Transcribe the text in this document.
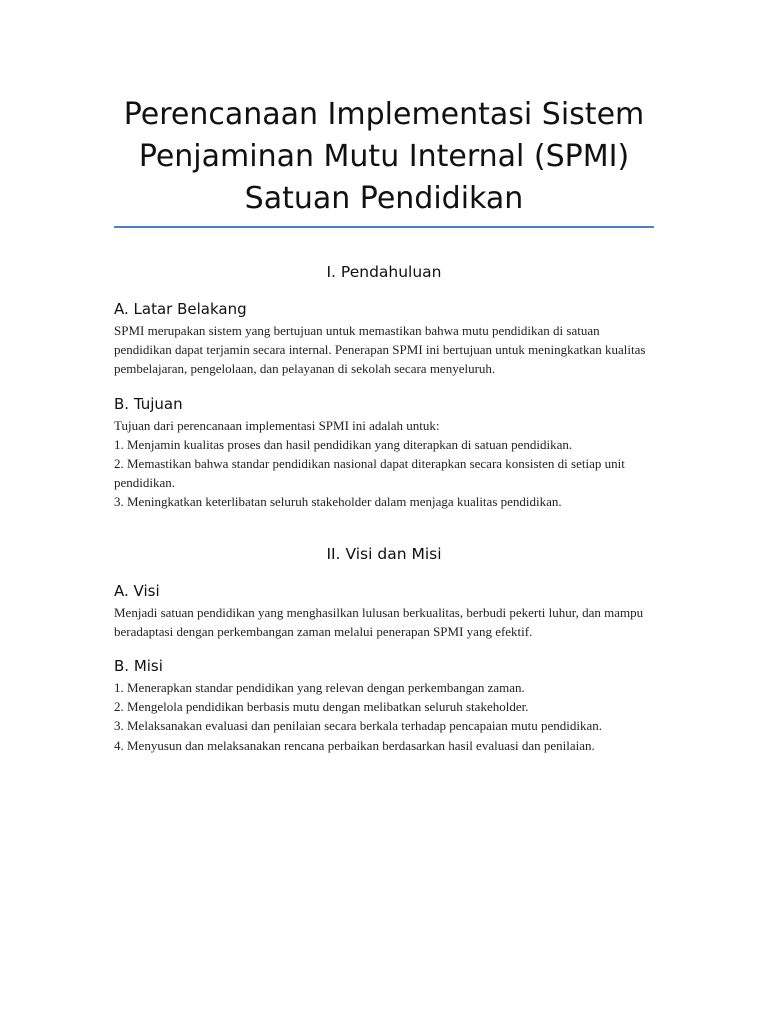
Perencanaan Implementasi Sistem
Penjaminan Mutu Internal (SPMI)
Satuan Pendidikan
I. Pendahuluan
A. Latar Belakang

SPMI merupakan sistem yang bertujuan untuk memastikan bahwa mutu pendidikan di satuan pendidikan dapat terjamin secara internal. Penerapan SPMI ini bertujuan untuk meningkatkan kualitas pembelajaran, pengelolaan, dan pelayanan di sekolah secara menyeluruh.

B. Tujuan

Tujuan dari perencanaan implementasi SPMI ini adalah untuk:

1. Menjamin kualitas proses dan hasil pendidikan yang diterapkan di satuan pendidikan.
2. Memastikan bahwa standar pendidikan nasional dapat diterapkan secara konsisten di setiap unit pendidikan.
3. Meningkatkan keterlibatan seluruh stakeholder dalam menjaga kualitas pendidikan.
II. Visi dan Misi
A. Visi

Menjadi satuan pendidikan yang menghasilkan lulusan berkualitas, berbudi pekerti luhur, dan mampu beradaptasi dengan perkembangan zaman melalui penerapan SPMI yang efektif.

B. Misi
1. Menerapkan standar pendidikan yang relevan dengan perkembangan zaman.
2. Mengelola pendidikan berbasis mutu dengan melibatkan seluruh stakeholder.
3. Melaksanakan evaluasi dan penilaian secara berkala terhadap pencapaian mutu pendidikan.
4. Menyusun dan melaksanakan rencana perbaikan berdasarkan hasil evaluasi dan penilaian.
